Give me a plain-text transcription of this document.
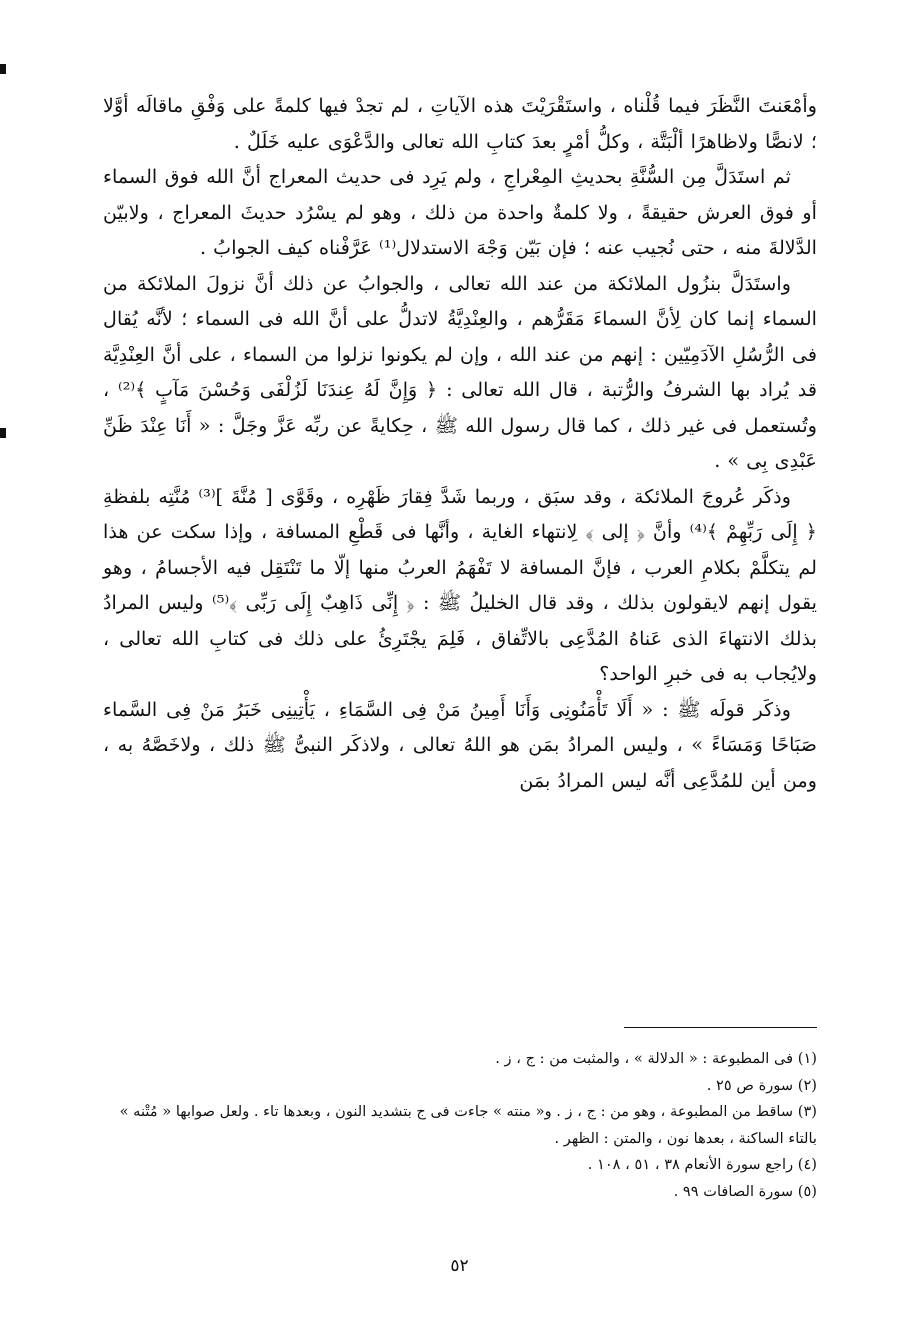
وأمْعَنتَ النَّظَرَ فيما قُلْناه ، واستَقْرَيْتَ هذه الآياتِ ، لم تجدْ فيها كلمةً على وَفْقِ ماقالَه أوَّلا ؛ لانصًّا ولاظاهرًا ألْبَتَّة ، وكلُّ أمْرٍ بعدَ كتابِ الله تعالى والدَّعْوَى عليه خَلَلٌ .

ثم استَدَلَّ مِن السُّنَّةِ بحديثِ المِعْراجِ ، ولم يَرِد فى حديث المعراج أنَّ الله فوق السماء أو فوق العرش حقيقةً ، ولا كلمةٌ واحدة من ذلك ، وهو لم يسْرُد حديثَ المعراج ، ولابيّن الدَّلالةَ منه ، حتى نُجيب عنه ؛ فإن بَيّن وَجْهَ الاستدلال⁽¹⁾ عَرَّفْناه كيف الجوابُ .

واستَدَلَّ بنزُول الملائكة من عند الله تعالى ، والجوابُ عن ذلك أنَّ نزولَ الملائكة من السماء إنما كان لِأنَّ السماءَ مَقَرُّهم ، والعِنْدِيَّةُ لاتدلُّ على أنَّ الله فى السماء ؛ لأنَّه يُقال فى الرُّسُلِ الآدَمِيّين : إنهم من عند الله ، وإن لم يكونوا نزلوا من السماء ، على أنَّ العِنْدِيَّة قد يُراد بها الشرفُ والرُّتبة ، قال الله تعالى : ﴿ وَإِنَّ لَهُ عِندَنَا لَزُلْفَى وَحُسْنَ مَآبٍ ﴾⁽²⁾ ، وتُستعمل فى غير ذلك ، كما قال رسول الله ﷺ ، حِكايةً عن ربِّه عَزَّ وجَلَّ : « أَنَا عِنْدَ ظَنِّ عَبْدِى بِى » .

وذكَر عُروجَ الملائكة ، وقد سبَق ، وربما شَدَّ فِقارَ ظَهْرِه ، وقَوَّى [ مُنَّةَ ]⁽³⁾ مُنَّتِه بلفظةِ ﴿ إِلَى رَبِّهِمْ ﴾⁽⁴⁾ وأنَّ ﴿ إلى ﴾ لِانتهاء الغاية ، وأنَّها فى قَطْعِ المسافة ، وإذا سكت عن هذا لم يتكلَّمْ بكلامِ العرب ، فإنَّ المسافة لا تَفْهَمُ العربُ منها إلّا ما تَنْتَقِل فيه الأجسامُ ، وهو يقول إنهم لايقولون بذلك ، وقد قال الخليلُ ﷺ : ﴿ إِنِّى ذَاهِبٌ إِلَى رَبِّى ﴾⁽⁵⁾ وليس المرادُ بذلك الانتهاءَ الذى عَناهُ المُدَّعِى بالاتِّفاق ، فَلِمَ يجْتَرِئُ على ذلك فى كتابِ الله تعالى ، ولايُجاب به فى خبرِ الواحد؟

وذكَر قولَه ﷺ : « أَلَا تَأْمَنُونِى وَأَنَا أَمِينُ مَنْ فِى السَّمَاءِ ، يَأْتِينِى خَبَرُ مَنْ فِى السَّماء صَبَاحًا وَمَسَاءً » ، وليس المرادُ بمَن هو اللهُ تعالى ، ولاذكَر النبىُّ ﷺ ذلك ، ولاخَصَّهُ به ، ومن أين للمُدَّعِى أنَّه ليس المرادُ بمَن

(١) فى المطبوعة : « الدلالة » ، والمثبت من : ج ، ز .

(٢) سورة ص ٢٥ .

(٣) ساقط من المطبوعة ، وهو من : ج ، ز . و« منته » جاءت فى ج بتشديد النون ، وبعدها تاء . ولعل صوابها « مُتْنه » بالتاء الساكنة ، بعدها نون ، والمتن : الظهر .

(٤) راجع سورة الأنعام ٣٨ ، ٥١ ، ١٠٨ .

(٥) سورة الصافات ٩٩ .

٥٢
